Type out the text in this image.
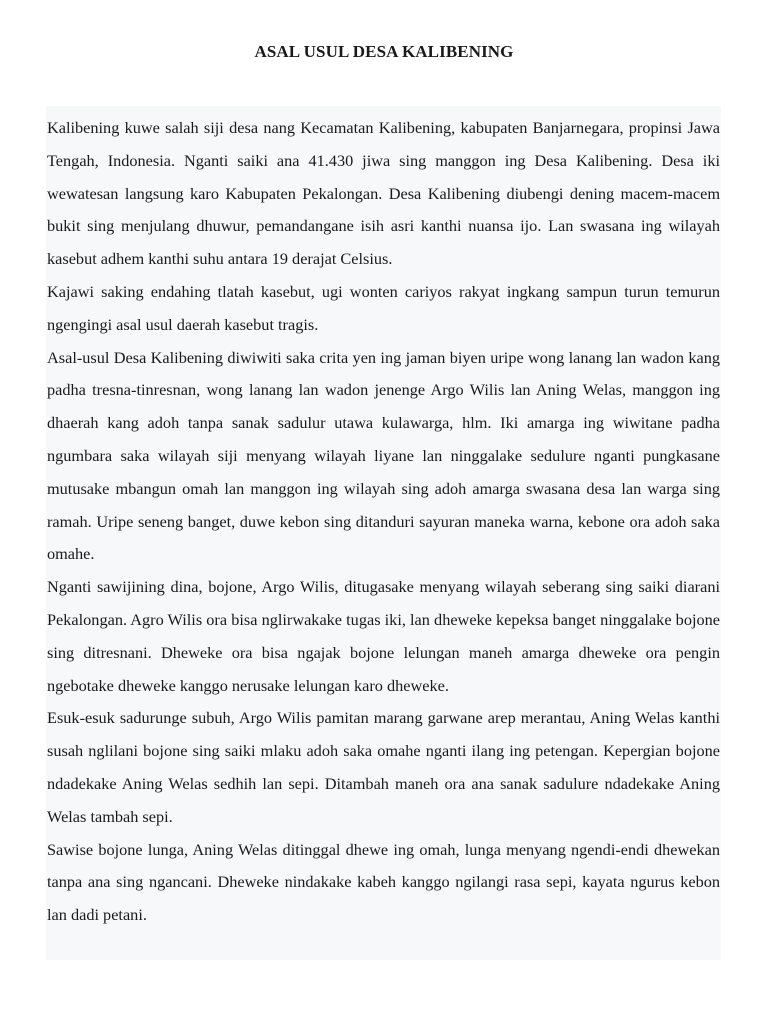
ASAL USUL DESA KALIBENING

Kalibening kuwe salah siji desa nang Kecamatan Kalibening, kabupaten Banjarnegara, propinsi Jawa Tengah, Indonesia. Nganti saiki ana 41.430 jiwa sing manggon ing Desa Kalibening. Desa iki wewatesan langsung karo Kabupaten Pekalongan. Desa Kalibening diubengi dening macem-macem bukit sing menjulang dhuwur, pemandangane isih asri kanthi nuansa ijo. Lan swasana ing wilayah kasebut adhem kanthi suhu antara 19 derajat Celsius.

Kajawi saking endahing tlatah kasebut, ugi wonten cariyos rakyat ingkang sampun turun temurun ngengingi asal usul daerah kasebut tragis.

Asal-usul Desa Kalibening diwiwiti saka crita yen ing jaman biyen uripe wong lanang lan wadon kang padha tresna-tinresnan, wong lanang lan wadon jenenge Argo Wilis lan Aning Welas, manggon ing dhaerah kang adoh tanpa sanak sadulur utawa kulawarga, hlm. Iki amarga ing wiwitane padha ngumbara saka wilayah siji menyang wilayah liyane lan ninggalake sedulure nganti pungkasane mutusake mbangun omah lan manggon ing wilayah sing adoh amarga swasana desa lan warga sing ramah. Uripe seneng banget, duwe kebon sing ditanduri sayuran maneka warna, kebone ora adoh saka omahe.

Nganti sawijining dina, bojone, Argo Wilis, ditugasake menyang wilayah seberang sing saiki diarani Pekalongan. Agro Wilis ora bisa nglirwakake tugas iki, lan dheweke kepeksa banget ninggalake bojone sing ditresnani. Dheweke ora bisa ngajak bojone lelungan maneh amarga dheweke ora pengin ngebotake dheweke kanggo nerusake lelungan karo dheweke.

Esuk-esuk sadurunge subuh, Argo Wilis pamitan marang garwane arep merantau, Aning Welas kanthi susah nglilani bojone sing saiki mlaku adoh saka omahe nganti ilang ing petengan. Kepergian bojone ndadekake Aning Welas sedhih lan sepi. Ditambah maneh ora ana sanak sadulure ndadekake Aning Welas tambah sepi.

Sawise bojone lunga, Aning Welas ditinggal dhewe ing omah, lunga menyang ngendi-endi dhewekan tanpa ana sing ngancani. Dheweke nindakake kabeh kanggo ngilangi rasa sepi, kayata ngurus kebon lan dadi petani.
